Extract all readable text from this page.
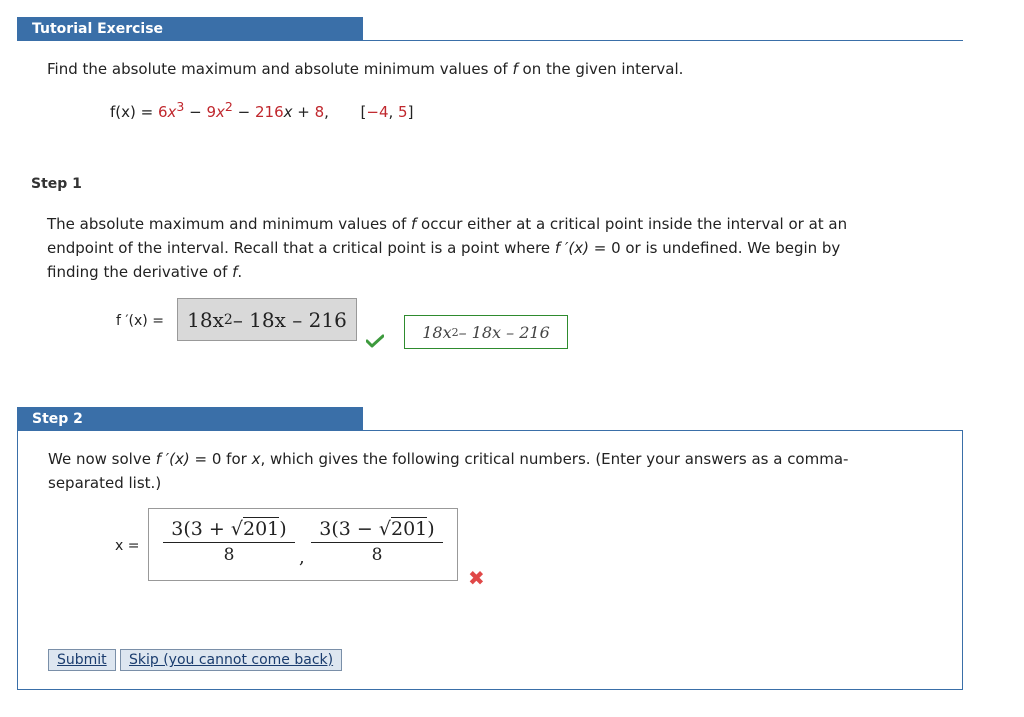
Tutorial Exercise
Find the absolute maximum and absolute minimum values of f on the given interval.
$f(x) = 6x^3 - 9x^2 - 216x + 8$, [−4, 5]
Step 1
The absolute maximum and minimum values of f occur either at a critical point inside the interval or at an
endpoint of the interval. Recall that a critical point is a point where f ′(x) = 0 or is undefined. We begin by
finding the derivative of f.
f ′(x) = 18x 2 – 18x – 216
18x 2 – 18x – 216
Step 2
We now solve f ′(x) = 0 for x, which gives the following critical numbers. (Enter your answers as a comma-
separated list.)
x =
3(3 + √201)
8	,
3(3 − √201)
8
✖
Submit	Skip (you cannot come back)
